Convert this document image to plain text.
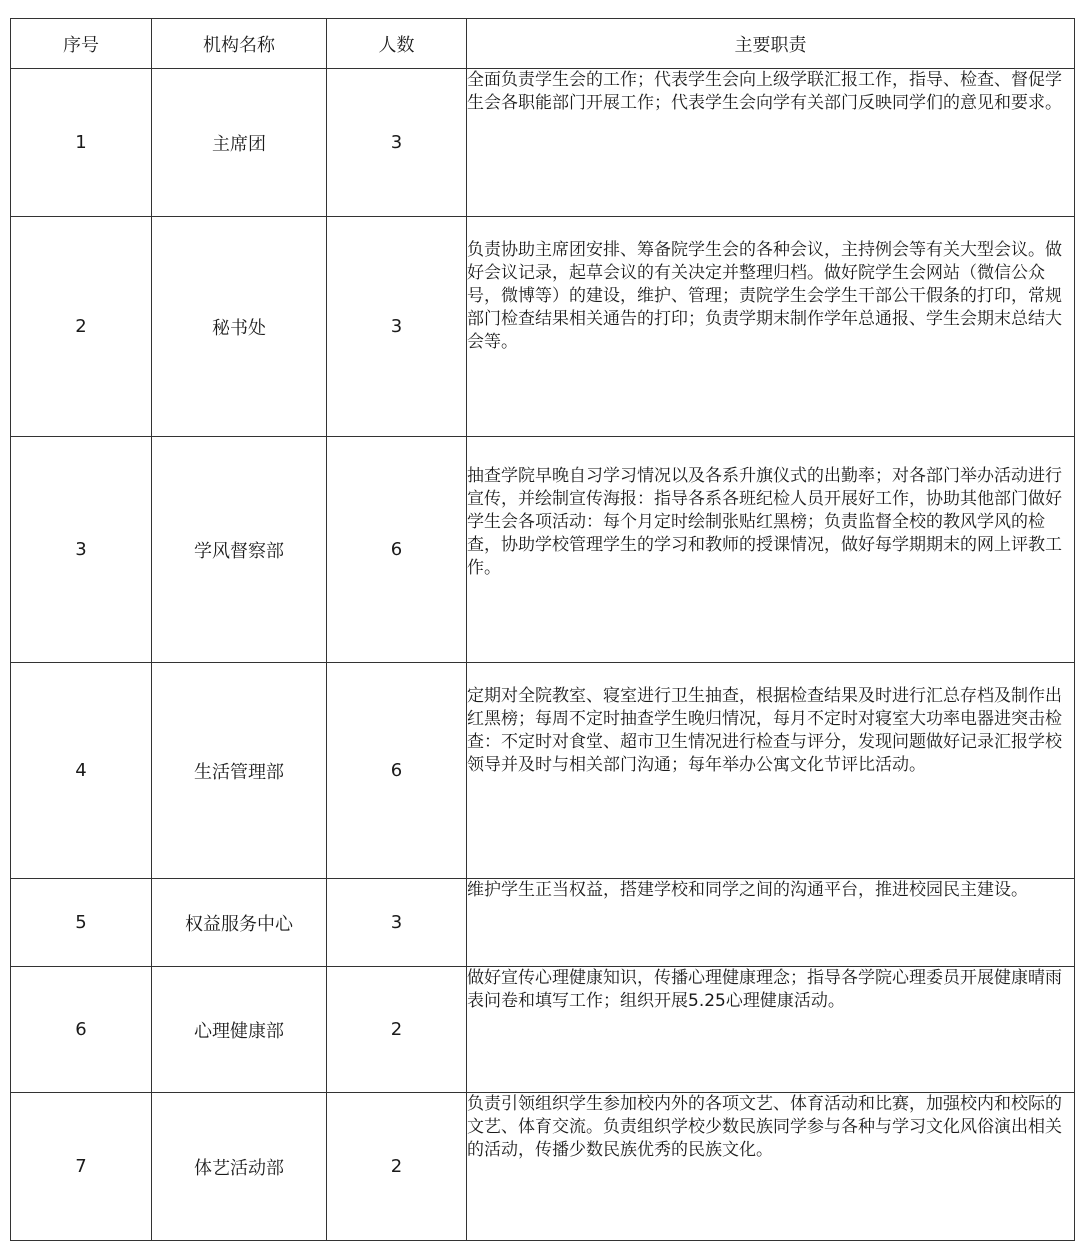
序号	机构名称	人数	主要职责
1	主席团	3	全面负责学生会的工作；代表学生会向上级学联汇报工作，指导、检查、督促学生会各职能部门开展工作；代表学生会向学有关部门反映同学们的意见和要求。
2	秘书处	3	负责协助主席团安排、筹备院学生会的各种会议，主持例会等有关大型会议。做好会议记录，起草会议的有关决定并整理归档。做好院学生会网站（微信公众号，微博等）的建设，维护、管理；责院学生会学生干部公干假条的打印，常规部门检查结果相关通告的打印；负责学期末制作学年总通报、学生会期末总结大会等。
3	学风督察部	6	抽查学院早晚自习学习情况以及各系升旗仪式的出勤率；对各部门举办活动进行宣传，并绘制宣传海报：指导各系各班纪检人员开展好工作，协助其他部门做好学生会各项活动：每个月定时绘制张贴红黑榜；负责监督全校的教风学风的检查，协助学校管理学生的学习和教师的授课情况，做好每学期期末的网上评教工作。
4	生活管理部	6	定期对全院教室、寝室进行卫生抽查，根据检查结果及时进行汇总存档及制作出红黑榜；每周不定时抽查学生晚归情况，每月不定时对寝室大功率电器进突击检查：不定时对食堂、超市卫生情况进行检查与评分，发现问题做好记录汇报学校领导并及时与相关部门沟通；每年举办公寓文化节评比活动。
5	权益服务中心	3	维护学生正当权益，搭建学校和同学之间的沟通平台，推进校园民主建设。
6	心理健康部	2	做好宣传心理健康知识，传播心理健康理念；指导各学院心理委员开展健康晴雨表问卷和填写工作；组织开展5.25心理健康活动。
7	体艺活动部	2	负责引领组织学生参加校内外的各项文艺、体育活动和比赛，加强校内和校际的文艺、体育交流。负责组织学校少数民族同学参与各种与学习文化风俗演出相关的活动，传播少数民族优秀的民族文化。
